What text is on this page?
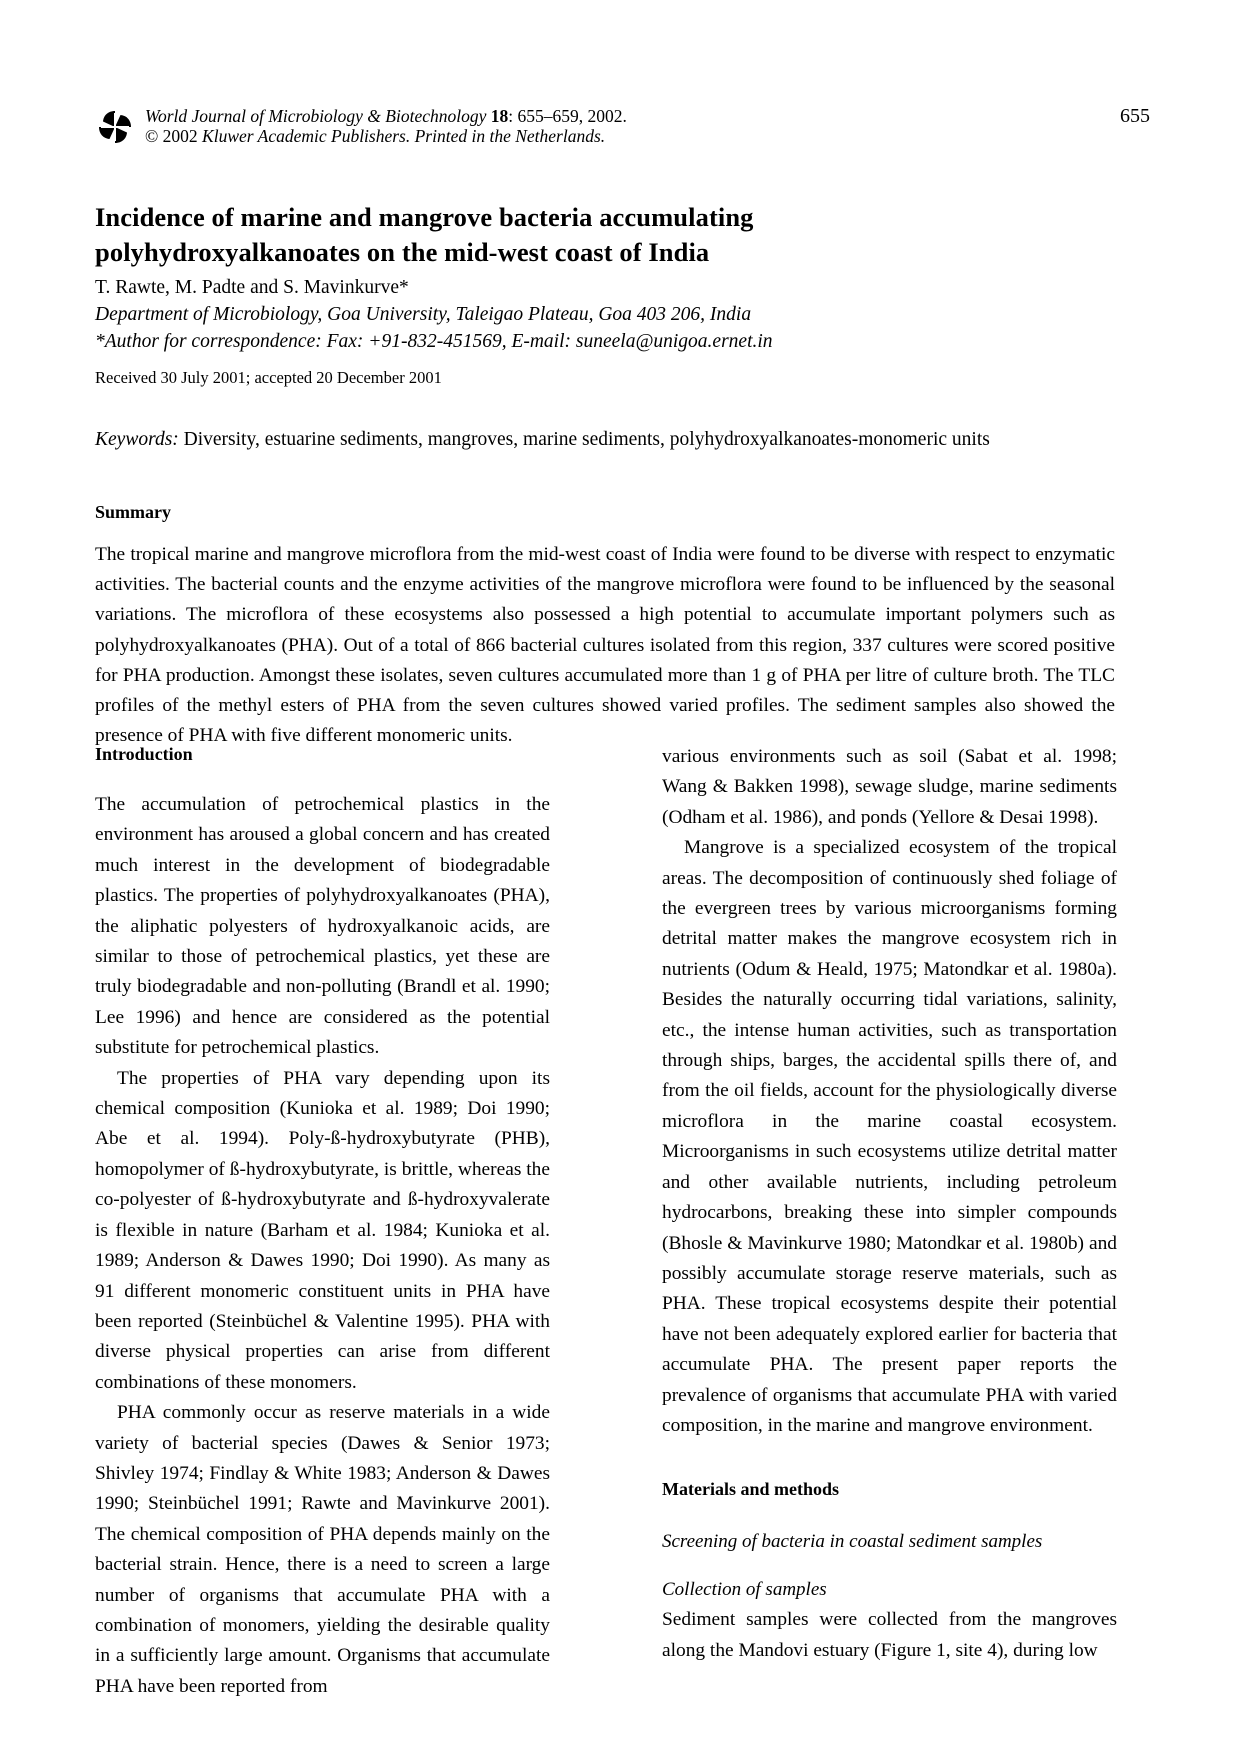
World Journal of Microbiology & Biotechnology 18: 655–659, 2002.
© 2002 Kluwer Academic Publishers. Printed in the Netherlands.
655
Incidence of marine and mangrove bacteria accumulating polyhydroxyalkanoates on the mid-west coast of India
T. Rawte, M. Padte and S. Mavinkurve*
Department of Microbiology, Goa University, Taleigao Plateau, Goa 403 206, India
*Author for correspondence: Fax: +91-832-451569, E-mail: suneela@unigoa.ernet.in
Received 30 July 2001; accepted 20 December 2001
Keywords: Diversity, estuarine sediments, mangroves, marine sediments, polyhydroxyalkanoates-monomeric units
Summary
The tropical marine and mangrove microflora from the mid-west coast of India were found to be diverse with respect to enzymatic activities. The bacterial counts and the enzyme activities of the mangrove microflora were found to be influenced by the seasonal variations. The microflora of these ecosystems also possessed a high potential to accumulate important polymers such as polyhydroxyalkanoates (PHA). Out of a total of 866 bacterial cultures isolated from this region, 337 cultures were scored positive for PHA production. Amongst these isolates, seven cultures accumulated more than 1 g of PHA per litre of culture broth. The TLC profiles of the methyl esters of PHA from the seven cultures showed varied profiles. The sediment samples also showed the presence of PHA with five different monomeric units.
Introduction

The accumulation of petrochemical plastics in the environment has aroused a global concern and has created much interest in the development of biodegradable plastics. The properties of polyhydroxyalkanoates (PHA), the aliphatic polyesters of hydroxyalkanoic acids, are similar to those of petrochemical plastics, yet these are truly biodegradable and non-polluting (Brandl et al. 1990; Lee 1996) and hence are considered as the potential substitute for petrochemical plastics.

The properties of PHA vary depending upon its chemical composition (Kunioka et al. 1989; Doi 1990; Abe et al. 1994). Poly-ß-hydroxybutyrate (PHB), homopolymer of ß-hydroxybutyrate, is brittle, whereas the co-polyester of ß-hydroxybutyrate and ß-hydroxyvalerate is flexible in nature (Barham et al. 1984; Kunioka et al. 1989; Anderson & Dawes 1990; Doi 1990). As many as 91 different monomeric constituent units in PHA have been reported (Steinbüchel & Valentine 1995). PHA with diverse physical properties can arise from different combinations of these monomers.

PHA commonly occur as reserve materials in a wide variety of bacterial species (Dawes & Senior 1973; Shivley 1974; Findlay & White 1983; Anderson & Dawes 1990; Steinbüchel 1991; Rawte and Mavinkurve 2001). The chemical composition of PHA depends mainly on the bacterial strain. Hence, there is a need to screen a large number of organisms that accumulate PHA with a combination of monomers, yielding the desirable quality in a sufficiently large amount. Organisms that accumulate PHA have been reported from

various environments such as soil (Sabat et al. 1998; Wang & Bakken 1998), sewage sludge, marine sediments (Odham et al. 1986), and ponds (Yellore & Desai 1998).

Mangrove is a specialized ecosystem of the tropical areas. The decomposition of continuously shed foliage of the evergreen trees by various microorganisms forming detrital matter makes the mangrove ecosystem rich in nutrients (Odum & Heald, 1975; Matondkar et al. 1980a). Besides the naturally occurring tidal variations, salinity, etc., the intense human activities, such as transportation through ships, barges, the accidental spills there of, and from the oil fields, account for the physiologically diverse microflora in the marine coastal ecosystem. Microorganisms in such ecosystems utilize detrital matter and other available nutrients, including petroleum hydrocarbons, breaking these into simpler compounds (Bhosle & Mavinkurve 1980; Matondkar et al. 1980b) and possibly accumulate storage reserve materials, such as PHA. These tropical ecosystems despite their potential have not been adequately explored earlier for bacteria that accumulate PHA. The present paper reports the prevalence of organisms that accumulate PHA with varied composition, in the marine and mangrove environment.

Materials and methods
Screening of bacteria in coastal sediment samples
Collection of samples

Sediment samples were collected from the mangroves along the Mandovi estuary (Figure 1, site 4), during low
